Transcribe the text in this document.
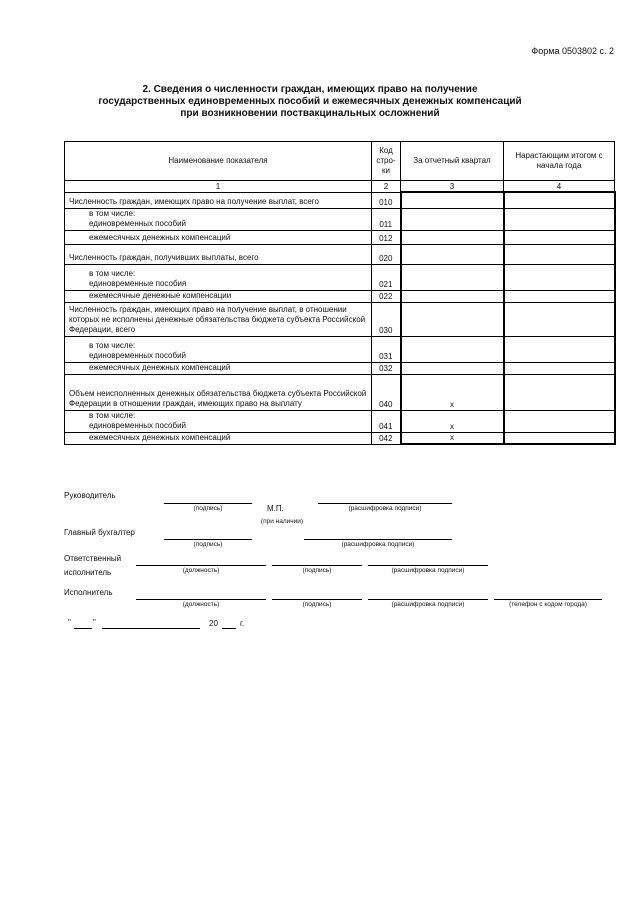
Форма 0503802 с. 2
2. Сведения о численности граждан, имеющих право на получение
государственных единовременных пособий и ежемесячных денежных компенсаций
при возникновении поствакцинальных осложнений
Наименование показателя	Код стро- ки	За отчетный квартал	Нарастающим итогом с начала года
1	2	3	4
Численность граждан, имеющих право на получение выплат, всего	010		
в том числе:
единовременных пособий	011		
ежемесячных денежных компенсаций	012		
Численность граждан, получивших выплаты, всего	020		
в том числе:
единовременные пособия	021		
ежемесячные денежные компенсации	022		
Численность граждан, имеющих право на получение выплат, в отношении которых не исполнены денежные обязательства бюджета субъекта Российской Федерации, всего	030		
в том числе:
единовременных пособий	031		
ежемесячных денежных компенсаций	032		
Объем неисполненных денежных обязательства бюджета субъекта Российской Федерации в отношении граждан, имеющих право на выплату	040	x	
в том числе:
единовременных пособий	041	x	
ежемесячных денежных компенсаций	042	x	
Руководитель
(подпись)	М.П.
(при наличии)
(расшифровка подписи)
Главный бухгалтер
(подпись)	(расшифровка подписи)
Ответственный
исполнитель	(должность)	(подпись)	(расшифровка подписи)
Исполнитель
(должность)	(подпись)	(расшифровка подписи)	(телефон с кодом города)
"	"	20	г.
